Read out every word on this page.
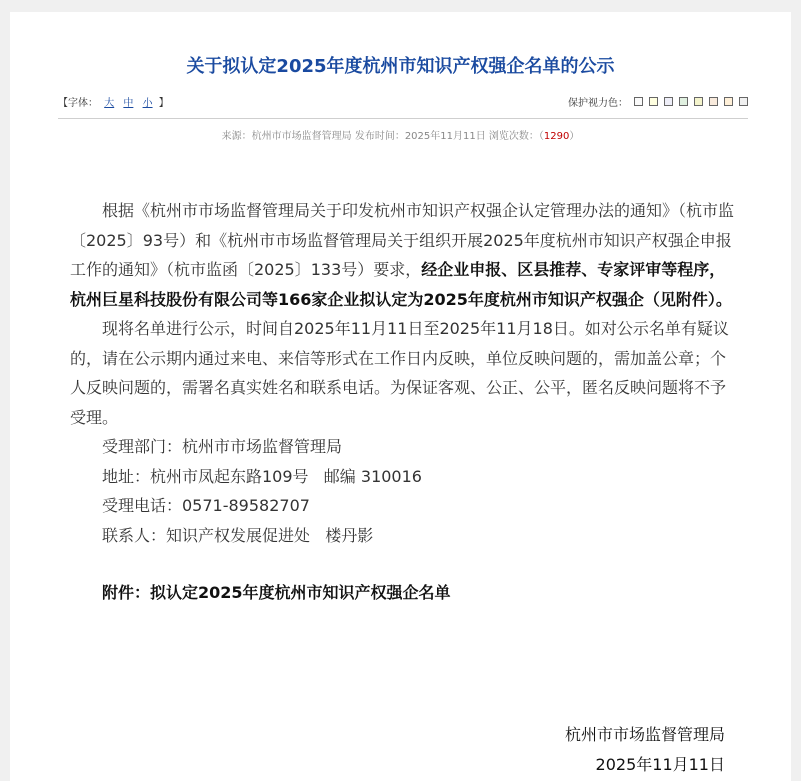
关于拟认定2025年度杭州市知识产权强企名单的公示
【字体： 大 中 小 】	保护视力色：
来源：杭州市市场监督管理局 发布时间：2025年11月11日 浏览次数：（1290）

根据《杭州市市场监督管理局关于印发杭州市知识产权强企认定管理办法的通知》（杭市监〔2025〕93号）和《杭州市市场监督管理局关于组织开展2025年度杭州市知识产权强企申报工作的通知》（杭市监函〔2025〕133号）要求，经企业申报、区县推荐、专家评审等程序，杭州巨星科技股份有限公司等166家企业拟认定为2025年度杭州市知识产权强企（见附件）。

现将名单进行公示，时间自2025年11月11日至2025年11月18日。如对公示名单有疑议的，请在公示期内通过来电、来信等形式在工作日内反映，单位反映问题的，需加盖公章；个人反映问题的，需署名真实姓名和联系电话。为保证客观、公正、公平，匿名反映问题将不予受理。

受理部门：杭州市市场监督管理局

地址：杭州市凤起东路109号   邮编 310016

受理电话：0571-89582707

联系人：知识产权发展促进处   楼丹影

附件：拟认定2025年度杭州市知识产权强企名单

杭州市市场监督管理局
2025年11月11日
